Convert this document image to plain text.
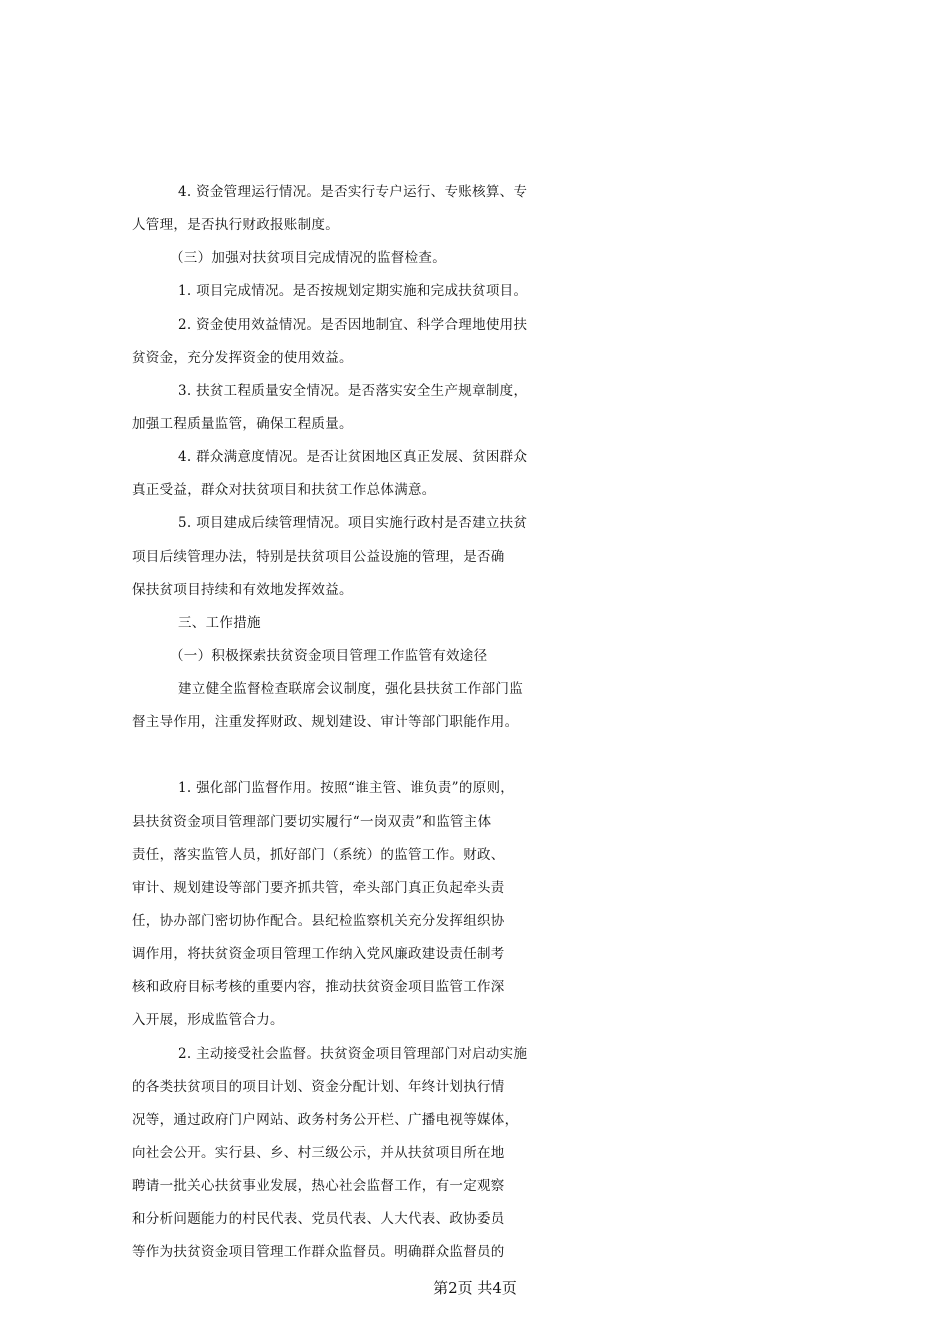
4. 资金管理运行情况。是否实行专户运行、专账核算、专
人管理，是否执行财政报账制度。
（三）加强对扶贫项目完成情况的监督检查。
1. 项目完成情况。是否按规划定期实施和完成扶贫项目。
2. 资金使用效益情况。是否因地制宜、科学合理地使用扶
贫资金，充分发挥资金的使用效益。
3. 扶贫工程质量安全情况。是否落实安全生产规章制度，
加强工程质量监管，确保工程质量。
4. 群众满意度情况。是否让贫困地区真正发展、贫困群众
真正受益，群众对扶贫项目和扶贫工作总体满意。
5. 项目建成后续管理情况。项目实施行政村是否建立扶贫
项目后续管理办法，特别是扶贫项目公益设施的管理，是否确
保扶贫项目持续和有效地发挥效益。
三、工作措施
（一）积极探索扶贫资金项目管理工作监管有效途径
建立健全监督检查联席会议制度，强化县扶贫工作部门监
督主导作用，注重发挥财政、规划建设、审计等部门职能作用。
1. 强化部门监督作用。按照“谁主管、谁负责”的原则，
县扶贫资金项目管理部门要切实履行“一岗双责”和监管主体
责任，落实监管人员，抓好部门（系统）的监管工作。财政、
审计、规划建设等部门要齐抓共管，牵头部门真正负起牵头责
任，协办部门密切协作配合。县纪检监察机关充分发挥组织协
调作用，将扶贫资金项目管理工作纳入党风廉政建设责任制考
核和政府目标考核的重要内容，推动扶贫资金项目监管工作深
入开展，形成监管合力。
2. 主动接受社会监督。扶贫资金项目管理部门对启动实施
的各类扶贫项目的项目计划、资金分配计划、年终计划执行情
况等，通过政府门户网站、政务村务公开栏、广播电视等媒体，
向社会公开。实行县、乡、村三级公示，并从扶贫项目所在地
聘请一批关心扶贫事业发展，热心社会监督工作，有一定观察
和分析问题能力的村民代表、党员代表、人大代表、政协委员
等作为扶贫资金项目管理工作群众监督员。明确群众监督员的
第2页 共4页
